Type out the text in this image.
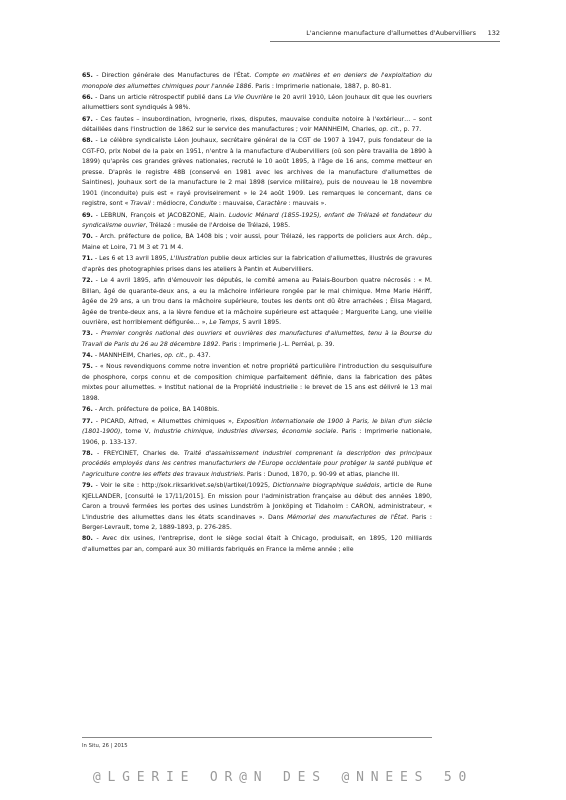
L'ancienne manufacture d'allumettes d'Aubervilliers 132

65. - Direction générale des Manufactures de l'État. Compte en matières et en deniers de l'exploitation du monopole des allumettes chimiques pour l'année 1886. Paris : Imprimerie nationale, 1887, p. 80-81.

66. - Dans un article rétrospectif publié dans La Vie Ouvrière le 20 avril 1910, Léon Jouhaux dit que les ouvriers allumettiers sont syndiqués à 98%.

67. - Ces fautes – insubordination, ivrognerie, rixes, disputes, mauvaise conduite notoire à l'extérieur… – sont détaillées dans l'instruction de 1862 sur le service des manufactures ; voir MANNHEIM, Charles, op. cit., p. 77.

68. - Le célèbre syndicaliste Léon Jouhaux, secrétaire général de la CGT de 1907 à 1947, puis fondateur de la CGT-FO, prix Nobel de la paix en 1951, n'entre à la manufacture d'Aubervilliers (où son père travailla de 1890 à 1899) qu'après ces grandes grèves nationales, recruté le 10 août 1895, à l'âge de 16 ans, comme metteur en presse. D'après le registre 48B (conservé en 1981 avec les archives de la manufacture d'allumettes de Saintines), Jouhaux sort de la manufacture le 2 mai 1898 (service militaire), puis de nouveau le 18 novembre 1901 (inconduite) puis est « rayé proviseirement » le 24 août 1909. Les remarques le concernant, dans ce registre, sont « Travail : médiocre, Conduite : mauvaise, Caractère : mauvais ».

69. - LEBRUN, François et JACOBZONE, Alain. Ludovic Ménard (1855-1925), enfant de Trélazé et fondateur du syndicalisme ouvrier, Trélazé : musée de l'Ardoise de Trélazé, 1985.

70. - Arch. préfecture de police, BA 1408 bis ; voir aussi, pour Trélazé, les rapports de policiers aux Arch. dép., Maine et Loire, 71 M 3 et 71 M 4.

71. - Les 6 et 13 avril 1895, L'Illustration publie deux articles sur la fabrication d'allumettes, illustrés de gravures d'après des photographies prises dans les ateliers à Pantin et Aubervilliers.

72. - Le 4 avril 1895, afin d'émouvoir les députés, le comité amena au Palais-Bourbon quatre nécrosés : « M. Billan, âgé de quarante-deux ans, a eu la mâchoire inférieure rongée par le mal chimique. Mme Marie Hériff, âgée de 29 ans, a un trou dans la mâchoire supérieure, toutes les dents ont dû être arrachées ; Élisa Magard, âgée de trente-deux ans, a la lèvre fendue et la mâchoire supérieure est attaquée ; Marguerite Lang, une vieille ouvrière, est horriblement défigurée… », Le Temps, 5 avril 1895.

73. - Premier congrès national des ouvriers et ouvrières des manufactures d'allumettes, tenu à la Bourse du Travail de Paris du 26 au 28 décembre 1892. Paris : Imprimerie J.-L. Perréal, p. 39.

74. - MANNHEIM, Charles, op. cit., p. 437.

75. - « Nous revendiquons comme notre invention et notre propriété particulière l'introduction du sesquisulfure de phosphore, corps connu et de composition chimique parfaitement définie, dans la fabrication des pâtes mixtes pour allumettes. » Institut national de la Propriété industrielle : le brevet de 15 ans est délivré le 13 mai 1898.

76. - Arch. préfecture de police, BA 1408bis.

77. - PICARD, Alfred, « Allumettes chimiques », Exposition internationale de 1900 à Paris, le bilan d'un siècle (1801-1900), tome V, Industrie chimique, industries diverses, économie sociale. Paris : Imprimerie nationale, 1906, p. 133-137.

78. - FREYCINET, Charles de. Traité d'assainissement industriel comprenant la description des principaux procédés employés dans les centres manufacturiers de l'Europe occidentale pour protéger la santé publique et l'agriculture contre les effets des travaux industriels. Paris : Dunod, 1870, p. 90-99 et atlas, planche III.

79. - Voir le site : http://sok.riksarkivet.se/sbl/artikel/10925, Dictionnaire biographique suédois, article de Rune KJELLANDER, [consulté le 17/11/2015]. En mission pour l'administration française au début des années 1890, Caron a trouvé fermées les portes des usines Lundström à Jonköping et Tidaholm : CARON, administrateur, « L'industrie des allumettes dans les états scandinaves ». Dans Mémorial des manufactures de l'État. Paris : Berger-Levrault, tome 2, 1889-1893, p. 276-285.

80. - Avec dix usines, l'entreprise, dont le siège social était à Chicago, produisait, en 1895, 120 milliards d'allumettes par an, comparé aux 30 milliards fabriqués en France la même année ; elle

In Situ, 26 | 2015
@LGERIE OR@N DES @NNEES 50
